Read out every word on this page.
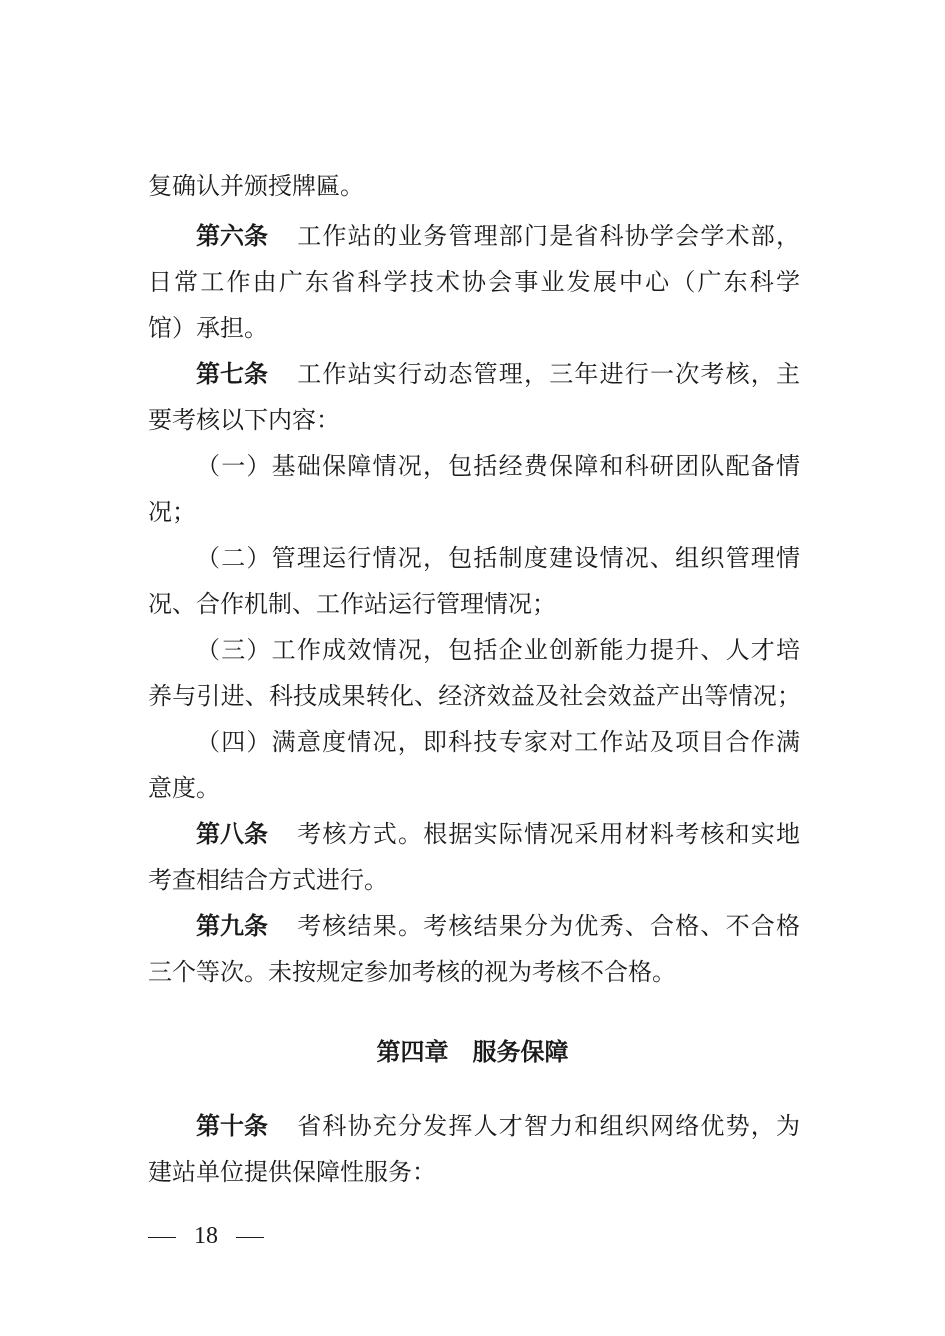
复确认并颁授牌匾。
第六条 工作站的业务管理部门是省科协学会学术部，
日常工作由广东省科学技术协会事业发展中心（广东科学
馆）承担。
第七条 工作站实行动态管理，三年进行一次考核，主
要考核以下内容：
（一）基础保障情况，包括经费保障和科研团队配备情
况；
（二）管理运行情况，包括制度建设情况、组织管理情
况、合作机制、工作站运行管理情况；
（三）工作成效情况，包括企业创新能力提升、人才培
养与引进、科技成果转化、经济效益及社会效益产出等情况；
（四）满意度情况，即科技专家对工作站及项目合作满
意度。
第八条 考核方式。根据实际情况采用材料考核和实地
考查相结合方式进行。
第九条 考核结果。考核结果分为优秀、合格、不合格
三个等次。未按规定参加考核的视为考核不合格。
第四章　服务保障
第十条 省科协充分发挥人才智力和组织网络优势，为
建站单位提供保障性服务：
18
